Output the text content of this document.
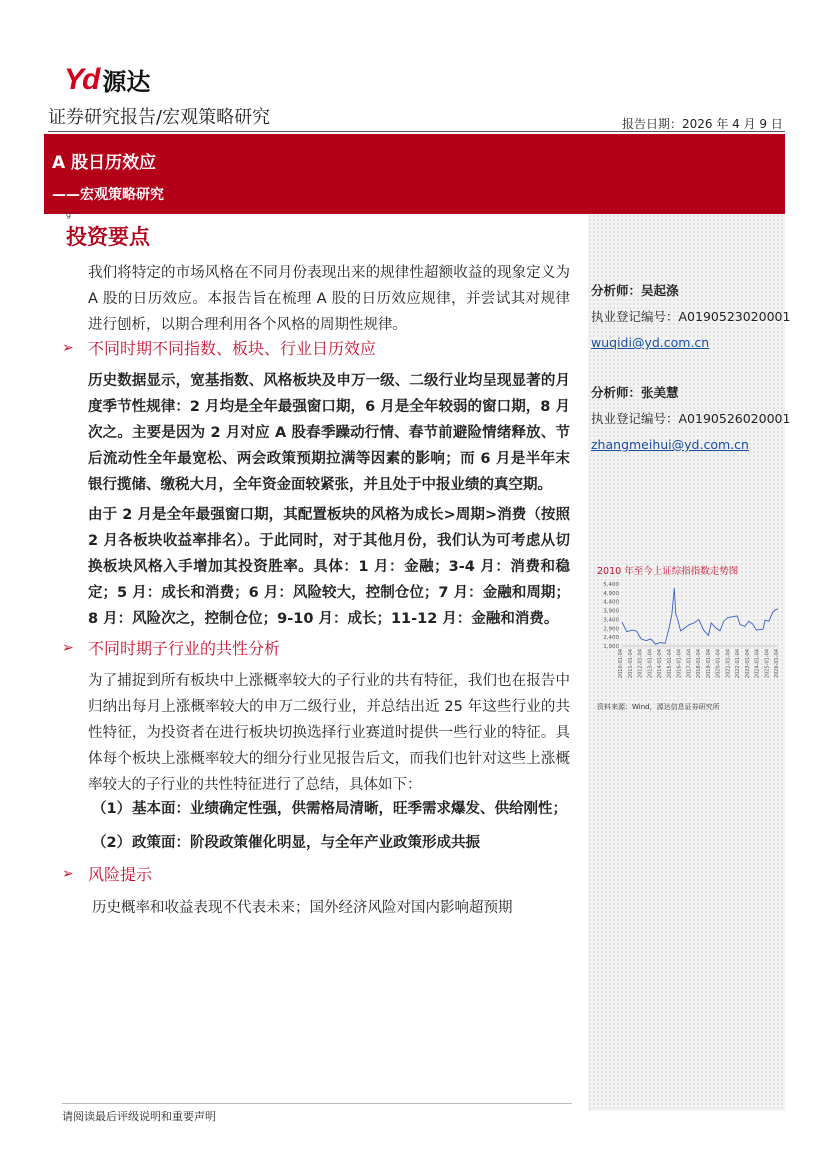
Yd 源达
证券研究报告/宏观策略研究	报告日期：2026 年 4 月 9 日
A 股日历效应
——宏观策略研究
g
投资要点
我们将特定的市场风格在不同月份表现出来的规律性超额收益的现象定义为 A 股的日历效应。本报告旨在梳理 A 股的日历效应规律，并尝试其对规律进行刨析，以期合理利用各个风格的周期性规律。
➢ 不同时期不同指数、板块、行业日历效应
历史数据显示，宽基指数、风格板块及申万一级、二级行业均呈现显著的月度季节性规律：2 月均是全年最强窗口期，6 月是全年较弱的窗口期，8 月次之。主要是因为 2 月对应 A 股春季躁动行情、春节前避险情绪释放、节后流动性全年最宽松、两会政策预期拉满等因素的影响；而 6 月是半年末银行揽储、缴税大月，全年资金面较紧张，并且处于中报业绩的真空期。
由于 2 月是全年最强窗口期，其配置板块的风格为成长>周期>消费（按照 2 月各板块收益率排名）。于此同时，对于其他月份，我们认为可考虑从切换板块风格入手增加其投资胜率。具体：1 月：金融；3-4 月：消费和稳定；5 月：成长和消费；6 月：风险较大，控制仓位；7 月：金融和周期；8 月：风险次之，控制仓位；9-10 月：成长；11-12 月：金融和消费。
➢ 不同时期子行业的共性分析
为了捕捉到所有板块中上涨概率较大的子行业的共有特征，我们也在报告中归纳出每月上涨概率较大的申万二级行业，并总结出近 25 年这些行业的共性特征，为投资者在进行板块切换选择行业赛道时提供一些行业的特征。具体每个板块上涨概率较大的细分行业见报告后文，而我们也针对这些上涨概率较大的子行业的共性特征进行了总结，具体如下：
（1）基本面：业绩确定性强，供需格局清晰，旺季需求爆发、供给刚性；
（2）政策面：阶段政策催化明显，与全年产业政策形成共振
➢ 风险提示
历史概率和收益表现不代表未来；国外经济风险对国内影响超预期
分析师：吴起涤
执业登记编号：A0190523020001
wuqidi@yd.com.cn
分析师：张美慧
执业登记编号：A0190526020001
zhangmeihui@yd.com.cn
2010 年至今上证综指指数走势图
5,400
4,900
4,400
3,900
3,400
2,900
2,400
1,900
2010-01-04 2011-01-04 2012-01-04 2013-01-04 2014-01-04 2015-01-04 2016-01-04 2017-01-04 2018-01-04 2019-01-04 2020-01-04 2021-01-04 2022-01-04 2023-01-04 2024-01-04 2025-01-04 2026-01-04
资料来源：Wind，源达信息证券研究所
请阅读最后评级说明和重要声明
